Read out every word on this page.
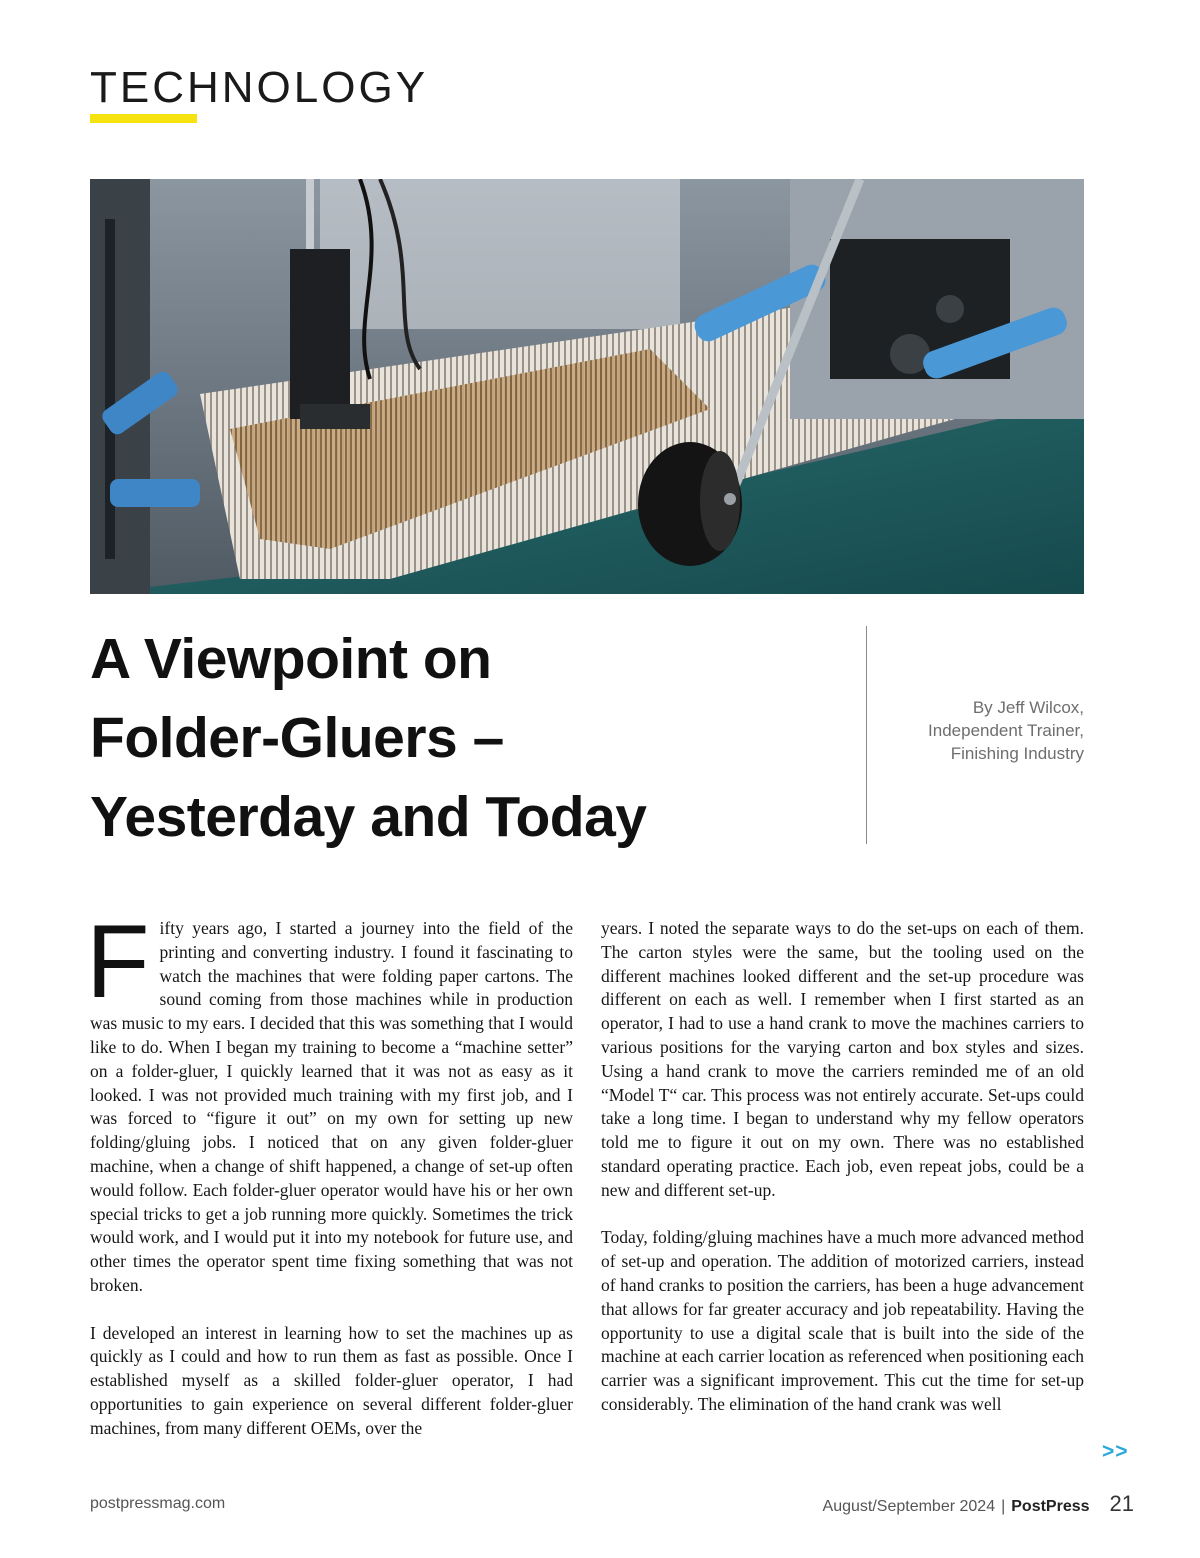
TECHNOLOGY
A Viewpoint on
Folder-Gluers –
Yesterday and Today
By Jeff Wilcox,
Independent Trainer,
Finishing Industry

Fifty years ago, I started a journey into the field of the printing and converting industry. I found it fascinating to watch the machines that were folding paper cartons. The sound coming from those machines while in production was music to my ears. I decided that this was something that I would like to do. When I began my training to become a “machine setter” on a folder-gluer, I quickly learned that it was not as easy as it looked. I was not provided much training with my first job, and I was forced to “figure it out” on my own for setting up new folding/gluing jobs. I noticed that on any given folder-gluer machine, when a change of shift happened, a change of set-up often would follow. Each folder-gluer operator would have his or her own special tricks to get a job running more quickly. Sometimes the trick would work, and I would put it into my notebook for future use, and other times the operator spent time fixing something that was not broken.

I developed an interest in learning how to set the machines up as quickly as I could and how to run them as fast as possible. Once I established myself as a skilled folder-gluer operator, I had opportunities to gain experience on several different folder-gluer machines, from many different OEMs, over the

years. I noted the separate ways to do the set-ups on each of them. The carton styles were the same, but the tooling used on the different machines looked different and the set-up procedure was different on each as well. I remember when I first started as an operator, I had to use a hand crank to move the machines carriers to various positions for the varying carton and box styles and sizes. Using a hand crank to move the carriers reminded me of an old “Model T“ car. This process was not entirely accurate. Set-ups could take a long time. I began to understand why my fellow operators told me to figure it out on my own. There was no established standard operating practice. Each job, even repeat jobs, could be a new and different set-up.

Today, folding/gluing machines have a much more advanced method of set-up and operation. The addition of motorized carriers, instead of hand cranks to position the carriers, has been a huge advancement that allows for far greater accuracy and job repeatability. Having the opportunity to use a digital scale that is built into the side of the machine at each carrier location as referenced when positioning each carrier was a significant improvement. This cut the time for set-up considerably. The elimination of the hand crank was well

>>
postpressmag.com	August/September 2024 | PostPress 21
